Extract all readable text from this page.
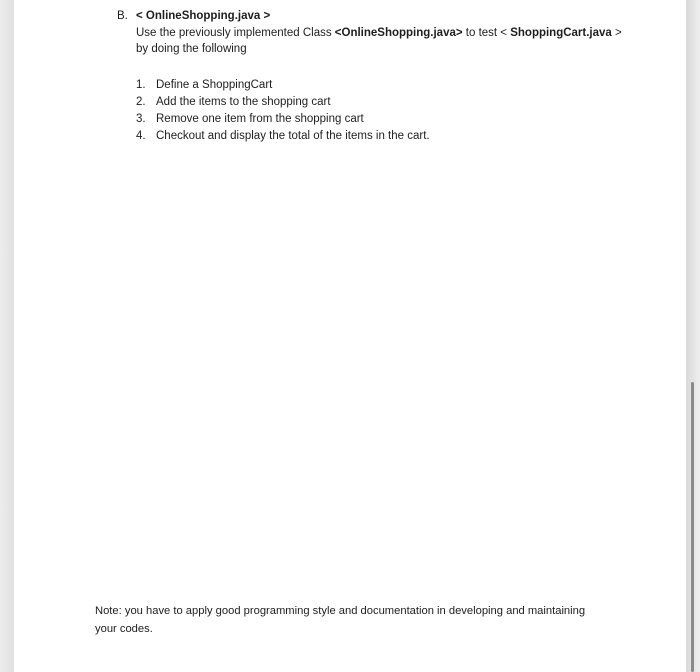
B. < OnlineShopping.java >
Use the previously implemented Class <OnlineShopping.java> to test < ShoppingCart.java >
by doing the following
1. Define a ShoppingCart
2. Add the items to the shopping cart
3. Remove one item from the shopping cart
4. Checkout and display the total of the items in the cart.
Note: you have to apply good programming style and documentation in developing and maintaining
your codes.
